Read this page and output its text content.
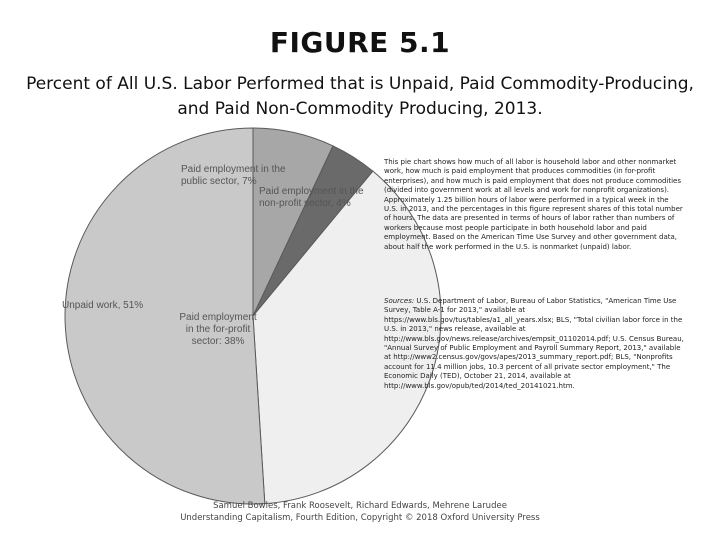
FIGURE 5.1
Percent of All U.S. Labor Performed that is Unpaid, Paid Commodity-Producing, and Paid Non-Commodity Producing, 2013.
Paid employment in the public sector, 7%
Paid employment in the non-profit sector, 4%
Paid employment in the for-profit sector: 38%
Unpaid work, 51%

This pie chart shows how much of all labor is household labor and other nonmarket work, how much is paid employment that produces commodities (in for-profit enterprises), and how much is paid employment that does not produce commodities (divided into government work at all levels and work for nonprofit organizations). Approximately 1.25 billion hours of labor were performed in a typical week in the U.S. in 2013, and the percentages in this figure represent shares of this total number of hours. The data are presented in terms of hours of labor rather than numbers of workers because most people participate in both household labor and paid employment. Based on the American Time Use Survey and other government data, about half the work performed in the U.S. is nonmarket (unpaid) labor.

Sources: U.S. Department of Labor, Bureau of Labor Statistics, "American Time Use Survey, Table A-1 for 2013," available at https://www.bls.gov/tus/tables/a1_all_years.xlsx; BLS, "Total civilian labor force in the U.S. in 2013," news release, available at http://www.bls.gov/news.release/archives/empsit_01102014.pdf; U.S. Census Bureau, "Annual Survey of Public Employment and Payroll Summary Report, 2013," available at http://www2.census.gov/govs/apes/2013_summary_report.pdf; BLS, "Nonprofits account for 11.4 million jobs, 10.3 percent of all private sector employment," The Economic Daily (TED), October 21, 2014, available at http://www.bls.gov/opub/ted/2014/ted_20141021.htm.

Samuel Bowles, Frank Roosevelt, Richard Edwards, Mehrene Larudee
Understanding Capitalism, Fourth Edition, Copyright © 2018 Oxford University Press
